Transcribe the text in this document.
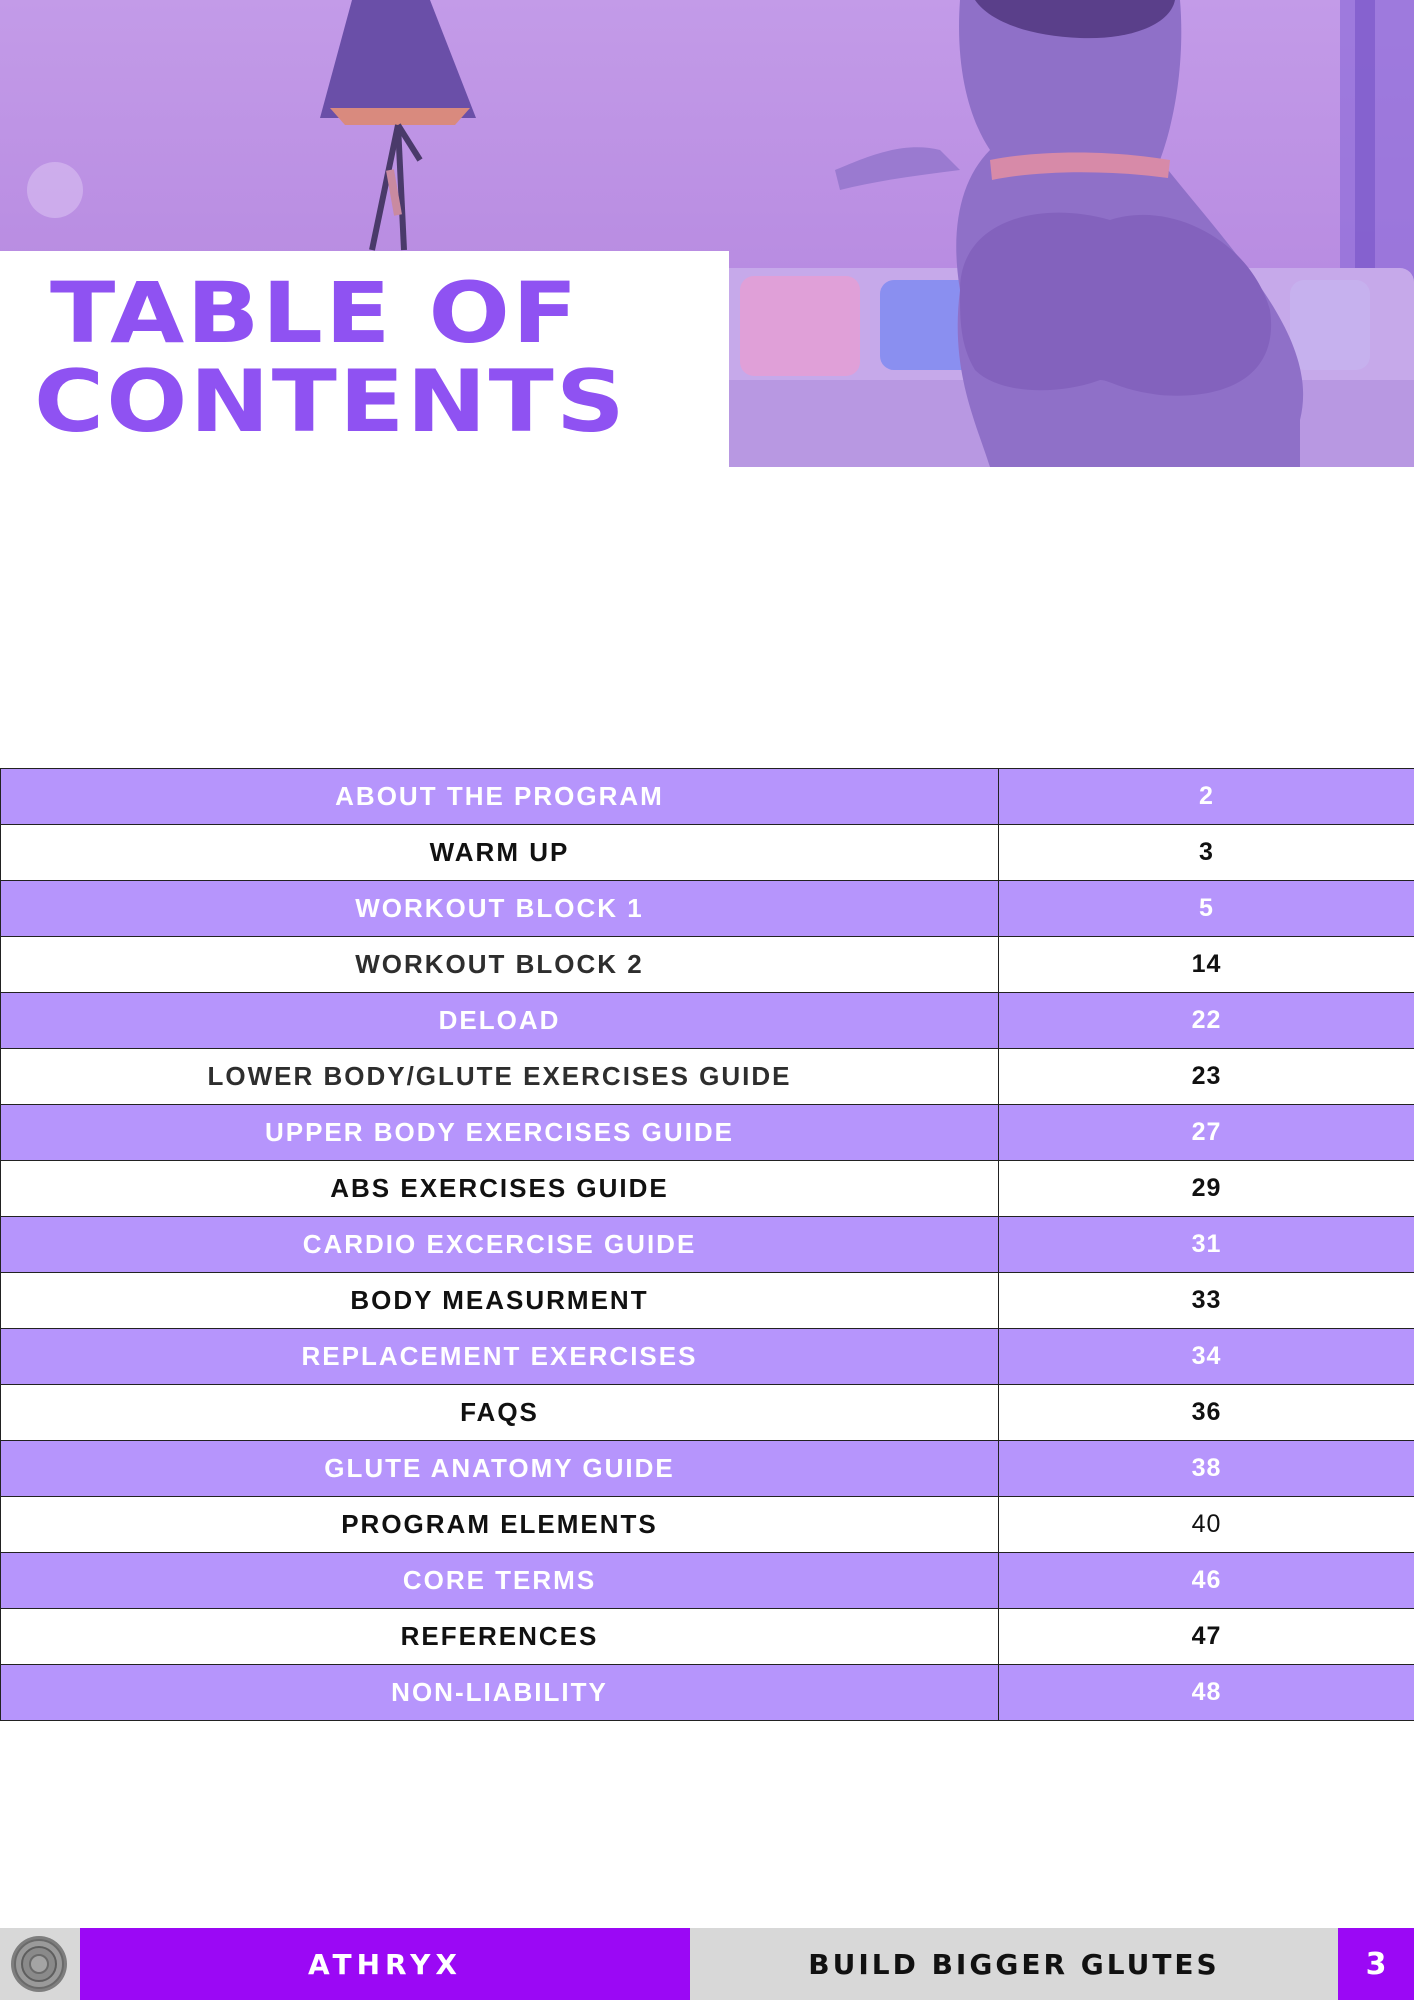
TABLE OF
CONTENTS
ABOUT THE PROGRAM	2
WARM UP	3
WORKOUT BLOCK 1	5
WORKOUT BLOCK 2	14
DELOAD	22
LOWER BODY/GLUTE EXERCISES GUIDE	23
UPPER BODY EXERCISES GUIDE	27
ABS EXERCISES GUIDE	29
CARDIO EXCERCISE GUIDE	31
BODY MEASURMENT	33
REPLACEMENT EXERCISES	34
FAQS	36
GLUTE ANATOMY GUIDE	38
PROGRAM ELEMENTS	40
CORE TERMS	46
REFERENCES	47
NON-LIABILITY	48
ATHRYX	BUILD BIGGER GLUTES	3
